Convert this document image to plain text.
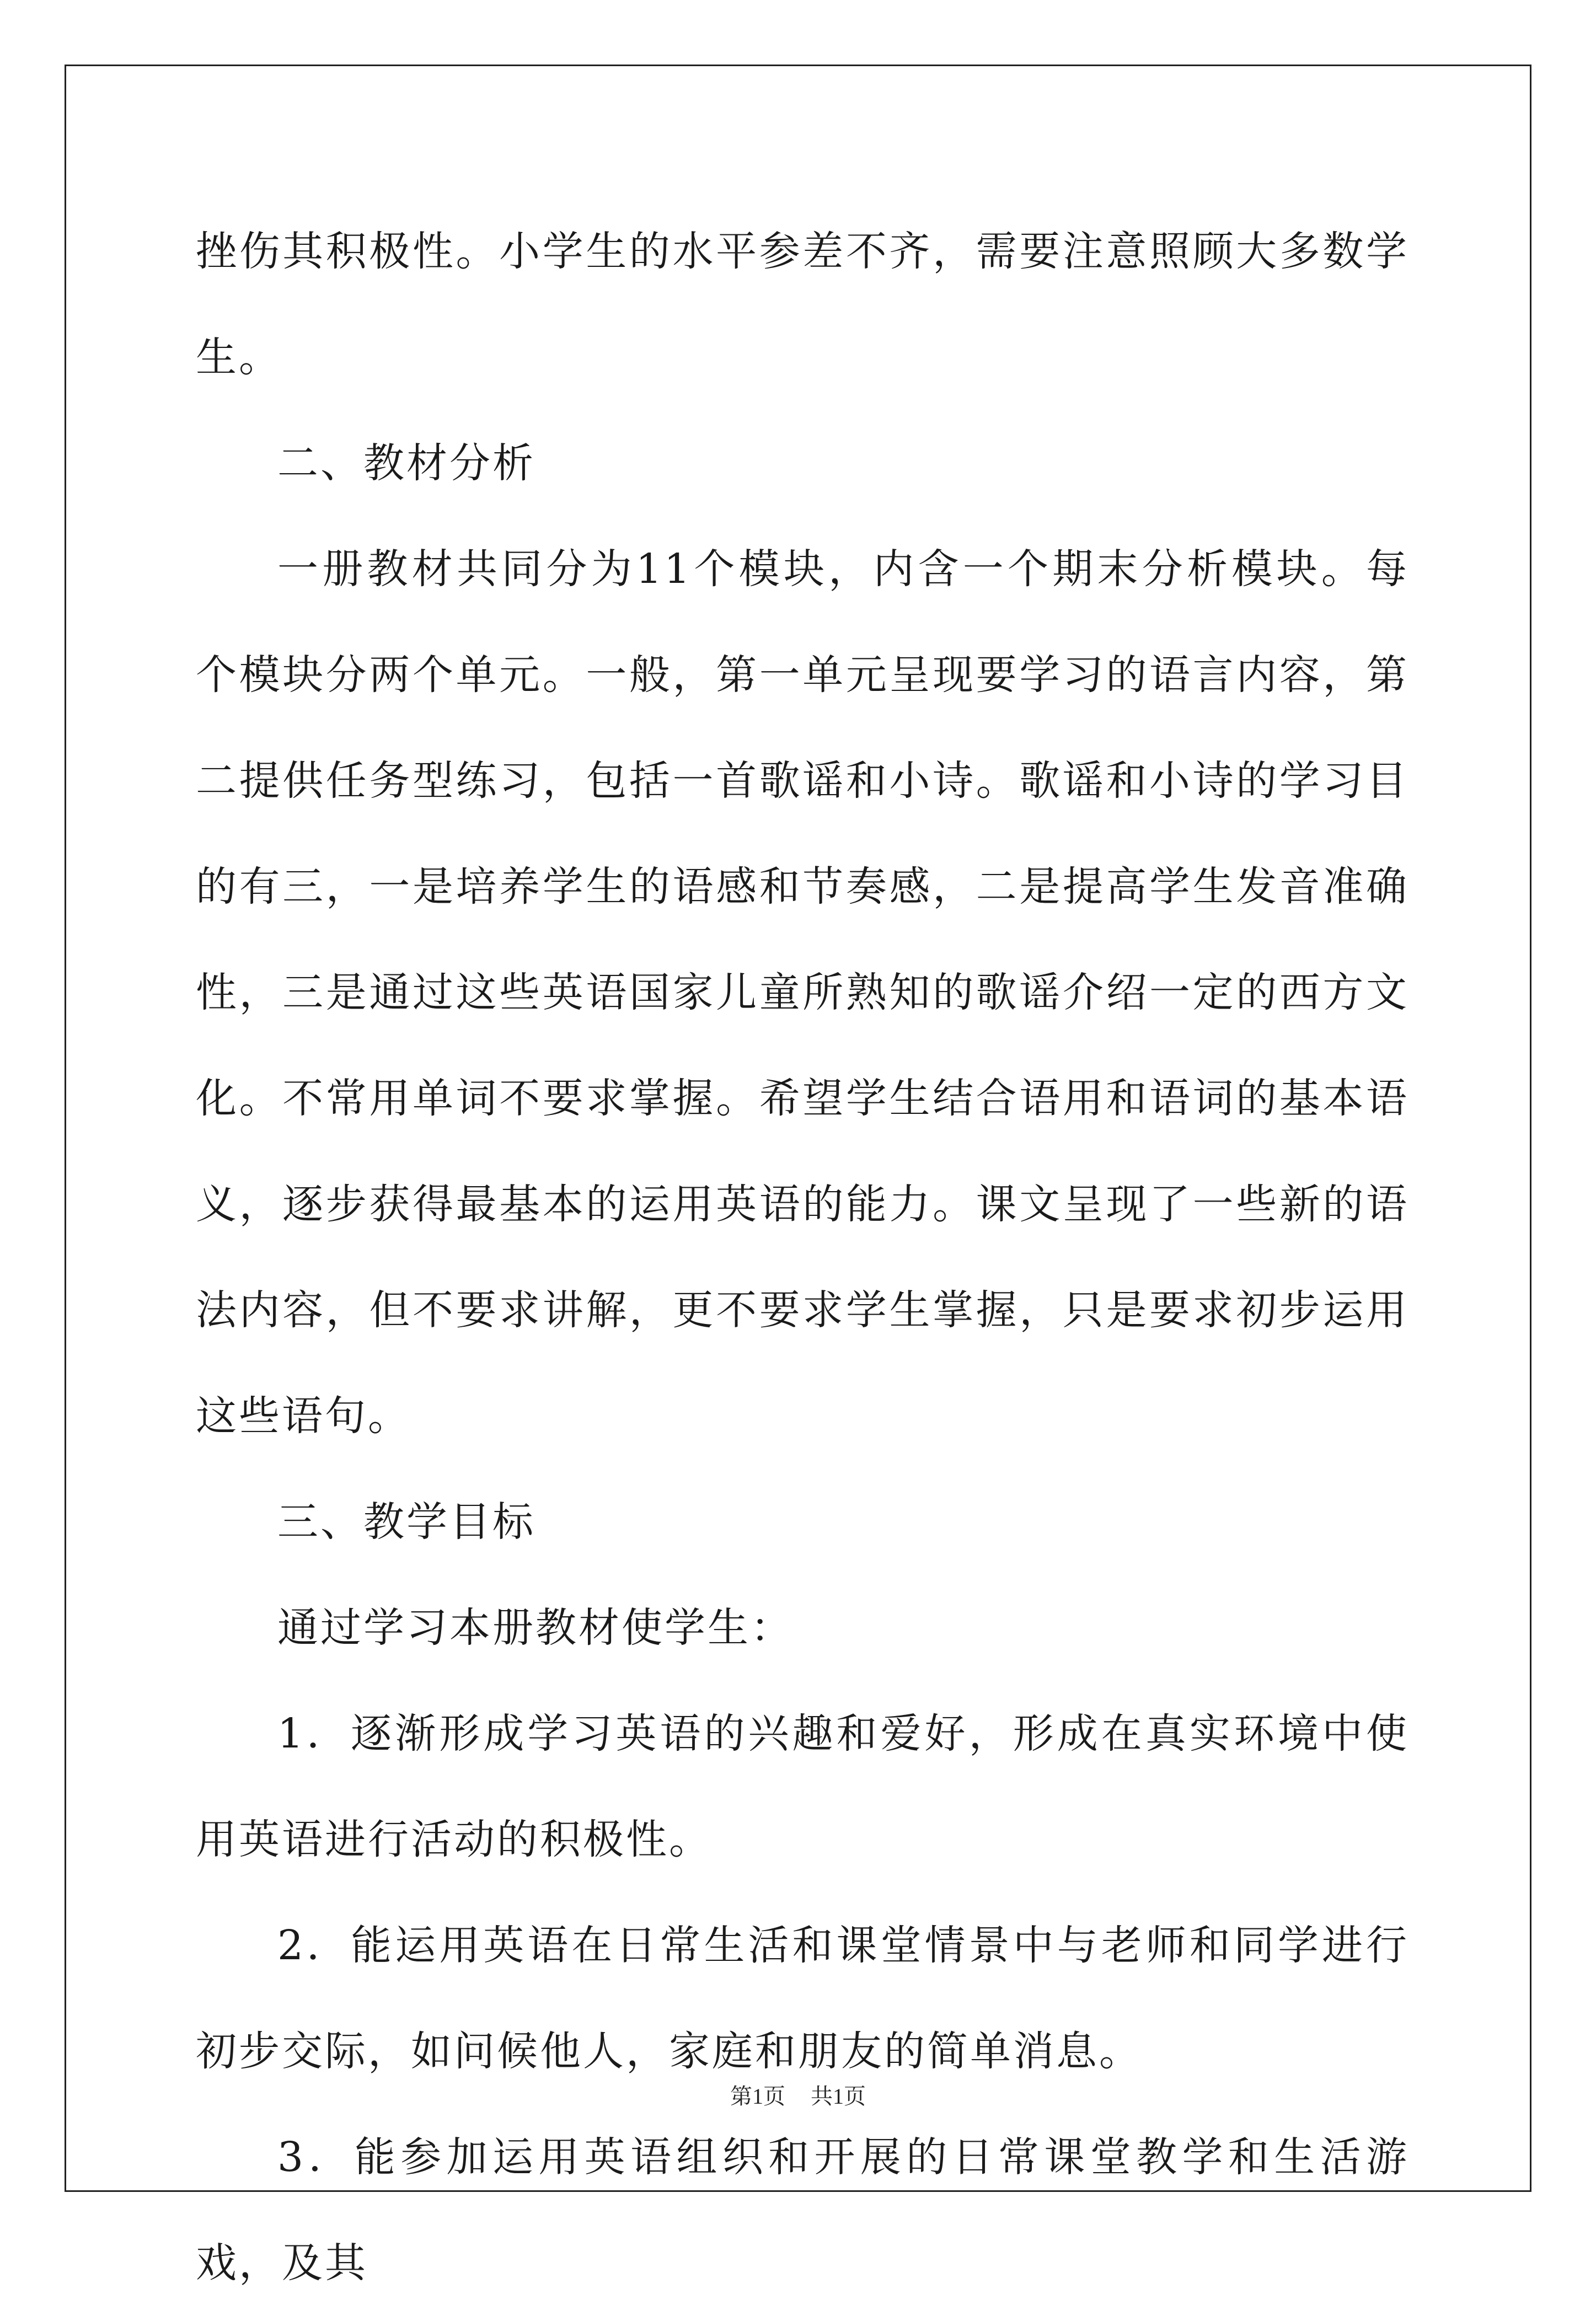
挫伤其积极性。小学生的水平参差不齐，需要注意照顾大多数学生。

二、教材分析

一册教材共同分为11个模块，内含一个期末分析模块。每个模块分两个单元。一般，第一单元呈现要学习的语言内容，第二提供任务型练习，包括一首歌谣和小诗。歌谣和小诗的学习目的有三，一是培养学生的语感和节奏感，二是提高学生发音准确性，三是通过这些英语国家儿童所熟知的歌谣介绍一定的西方文化。不常用单词不要求掌握。希望学生结合语用和语词的基本语义，逐步获得最基本的运用英语的能力。课文呈现了一些新的语法内容，但不要求讲解，更不要求学生掌握，只是要求初步运用这些语句。

三、教学目标

通过学习本册教材使学生：

1．逐渐形成学习英语的兴趣和爱好，形成在真实环境中使用英语进行活动的积极性。

2．能运用英语在日常生活和课堂情景中与老师和同学进行初步交际，如问候他人，家庭和朋友的简单消息。

3．能参加运用英语组织和开展的日常课堂教学和生活游戏，及其

第1页 共1页
